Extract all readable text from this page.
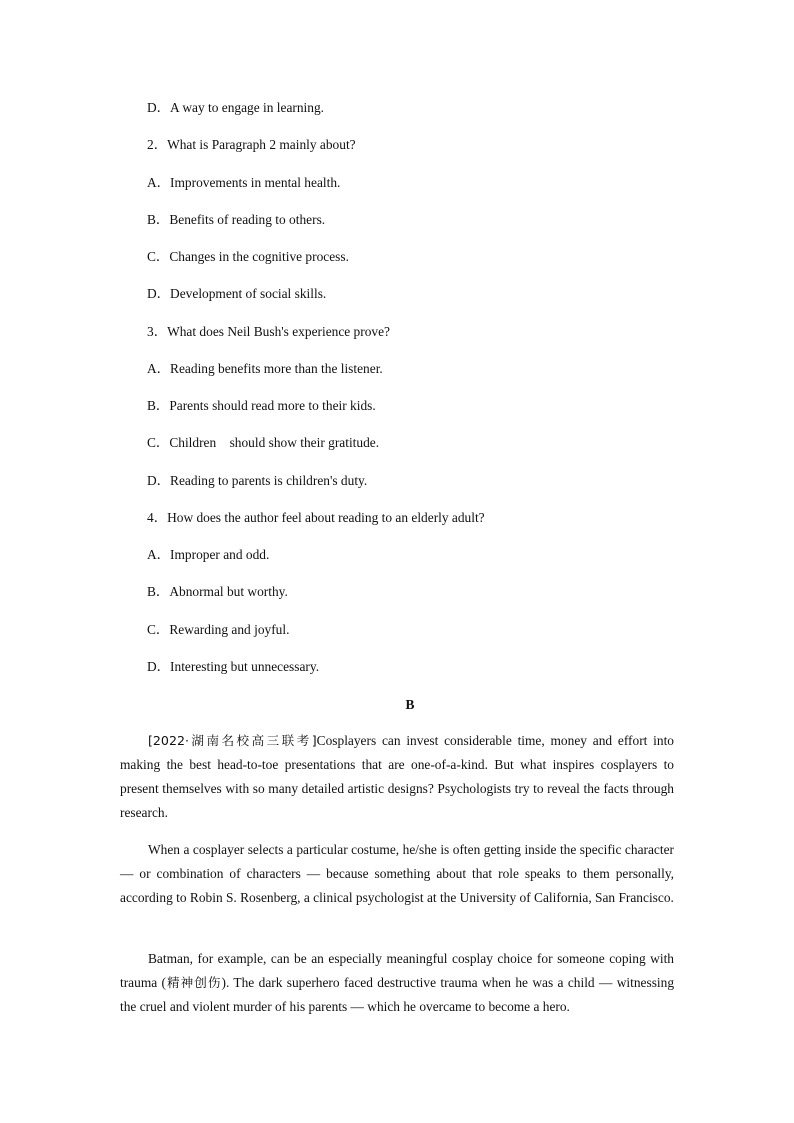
D．A way to engage in learning.
2．What is Paragraph 2 mainly about?
A．Improvements in mental health.
B．Benefits of reading to others.
C．Changes in the cognitive process.
D．Development of social skills.
3．What does Neil Bush's experience prove?
A．Reading benefits more than the listener.
B．Parents should read more to their kids.
C．Children    should show their gratitude.
D．Reading to parents is children's duty.
4．How does the author feel about reading to an elderly adult?
A．Improper and odd.
B．Abnormal but worthy.
C．Rewarding and joyful.
D．Interesting but unnecessary.
B
[2022·湖南名校高三联考]Cosplayers can invest considerable time, money and effort into making the best head-to-toe presentations that are one-of-a-kind. But what inspires cosplayers to present themselves with so many detailed artistic designs? Psychologists try to reveal the facts through research.
When a cosplayer selects a particular costume, he/she is often getting inside the specific character — or combination of characters — because something about that role speaks to them personally, according to Robin S. Rosenberg, a clinical psychologist at the University of California, San Francisco.
Batman, for example, can be an especially meaningful cosplay choice for someone coping with trauma (精神创伤). The dark superhero faced destructive trauma when he was a child — witnessing the cruel and violent murder of his parents — which he overcame to become a hero.
